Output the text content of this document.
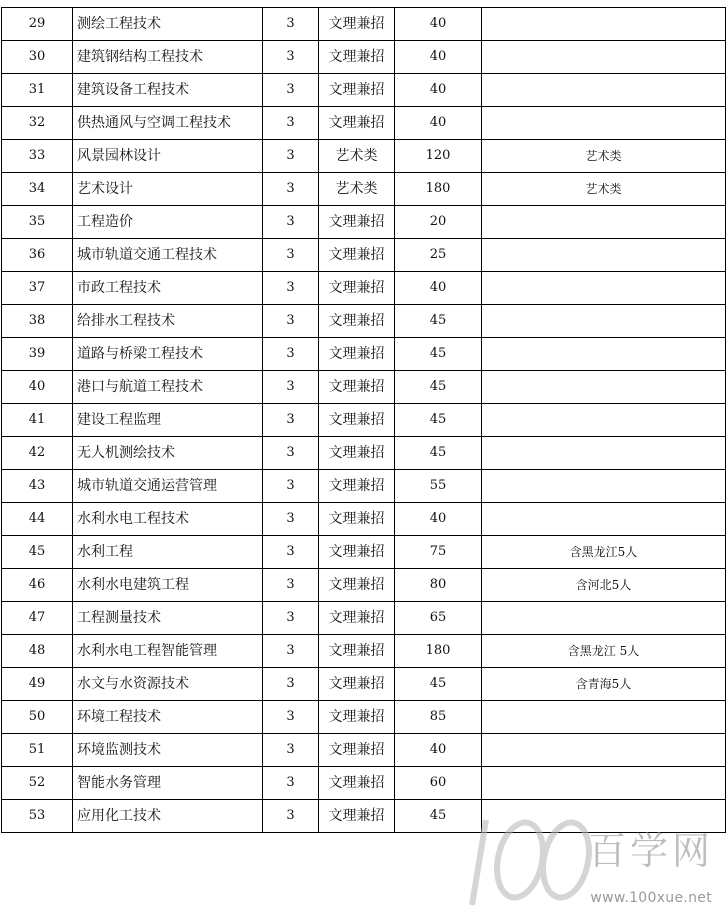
29	测绘工程技术	3	文理兼招	40	
30	建筑钢结构工程技术	3	文理兼招	40	
31	建筑设备工程技术	3	文理兼招	40	
32	供热通风与空调工程技术	3	文理兼招	40	
33	风景园林设计	3	艺术类	120	艺术类
34	艺术设计	3	艺术类	180	艺术类
35	工程造价	3	文理兼招	20	
36	城市轨道交通工程技术	3	文理兼招	25	
37	市政工程技术	3	文理兼招	40	
38	给排水工程技术	3	文理兼招	45	
39	道路与桥梁工程技术	3	文理兼招	45	
40	港口与航道工程技术	3	文理兼招	45	
41	建设工程监理	3	文理兼招	45	
42	无人机测绘技术	3	文理兼招	45	
43	城市轨道交通运营管理	3	文理兼招	55	
44	水利水电工程技术	3	文理兼招	40	
45	水利工程	3	文理兼招	75	含黑龙江5人
46	水利水电建筑工程	3	文理兼招	80	含河北5人
47	工程测量技术	3	文理兼招	65	
48	水利水电工程智能管理	3	文理兼招	180	含黑龙江 5人
49	水文与水资源技术	3	文理兼招	45	含青海5人
50	环境工程技术	3	文理兼招	85	
51	环境监测技术	3	文理兼招	40	
52	智能水务管理	3	文理兼招	60	
53	应用化工技术	3	文理兼招	45	
百学网
www.100xue.net
